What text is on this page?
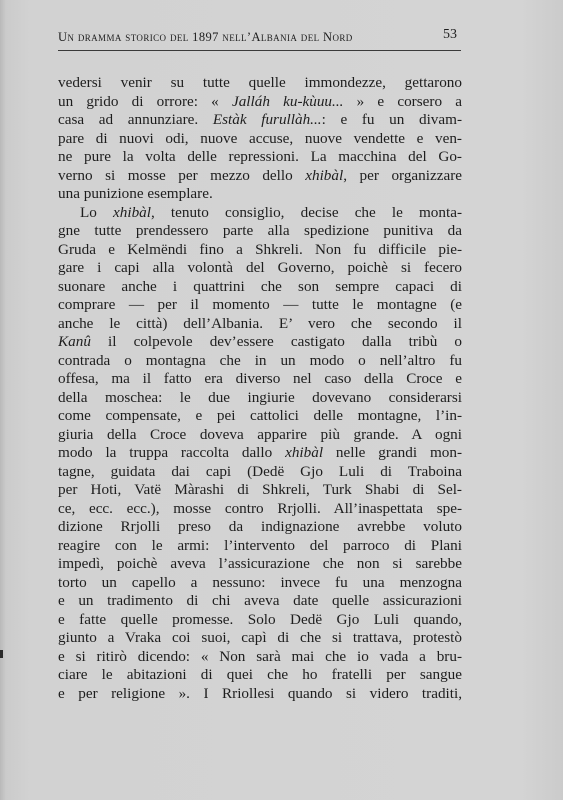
Un dramma storico del 1897 nell’Albania del Nord	53
vedersi venir su tutte quelle immondezze, gettarono
un grido di orrore: « Jalláh ku-kùuu... » e corsero a
casa ad annunziare. Estàk furullàh...: e fu un divam-
pare di nuovi odi, nuove accuse, nuove vendette e ven-
ne pure la volta delle repressioni. La macchina del Go-
verno si mosse per mezzo dello xhibàl, per organizzare
una punizione esemplare.
Lo xhibàl, tenuto consiglio, decise che le monta-
gne tutte prendessero parte alla spedizione punitiva da
Gruda e Kelmëndi fino a Shkreli. Non fu difficile pie-
gare i capi alla volontà del Governo, poichè si fecero
suonare anche i quattrini che son sempre capaci di
comprare — per il momento — tutte le montagne (e
anche le città) dell’Albania. E’ vero che secondo il
Kanû il colpevole dev’essere castigato dalla tribù o
contrada o montagna che in un modo o nell’altro fu
offesa, ma il fatto era diverso nel caso della Croce e
della moschea: le due ingiurie dovevano considerarsi
come compensate, e pei cattolici delle montagne, l’in-
giuria della Croce doveva apparire più grande. A ogni
modo la truppa raccolta dallo xhibàl nelle grandi mon-
tagne, guidata dai capi (Dedë Gjo Luli di Traboina
per Hoti, Vatë Màrashi di Shkreli, Turk Shabi di Sel-
ce, ecc. ecc.), mosse contro Rrjolli. All’inaspettata spe-
dizione Rrjolli preso da indignazione avrebbe voluto
reagire con le armi: l’intervento del parroco di Plani
impedì, poichè aveva l’assicurazione che non si sarebbe
torto un capello a nessuno: invece fu una menzogna
e un tradimento di chi aveva date quelle assicurazioni
e fatte quelle promesse. Solo Dedë Gjo Luli quando,
giunto a Vraka coi suoi, capì di che si trattava, protestò
e si ritirò dicendo: « Non sarà mai che io vada a bru-
ciare le abitazioni di quei che ho fratelli per sangue
e per religione ». I Rriollesi quando si videro traditi,
